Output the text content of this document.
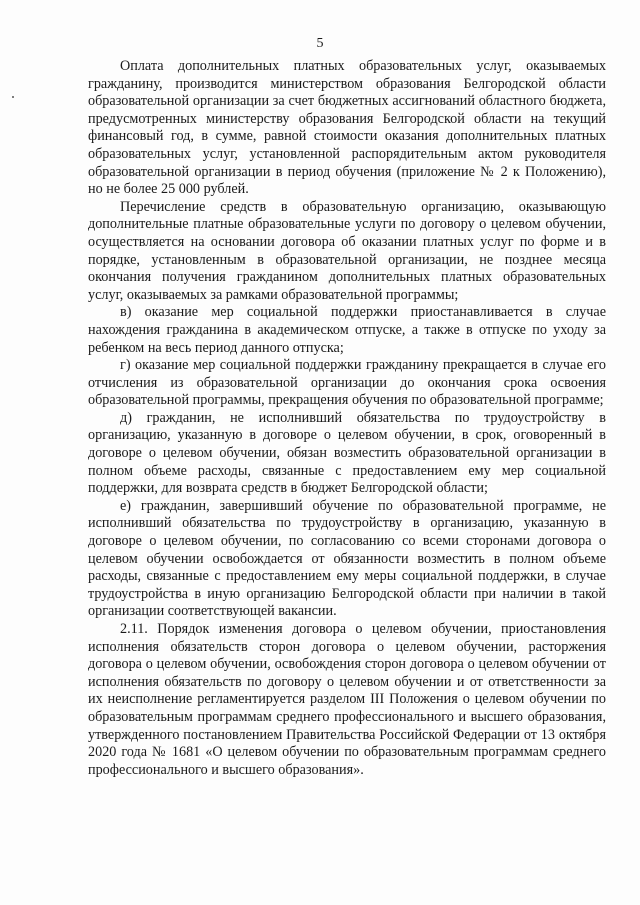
5

Оплата дополнительных платных образовательных услуг, оказываемых гражданину, производится министерством образования Белгородской области образовательной организации за счет бюджетных ассигнований областного бюджета, предусмотренных министерству образования Белгородской области на текущий финансовый год, в сумме, равной стоимости оказания дополнительных платных образовательных услуг, установленной распорядительным актом руководителя образовательной организации в период обучения (приложение № 2 к Положению), но не более 25 000 рублей.

Перечисление средств в образовательную организацию, оказывающую дополнительные платные образовательные услуги по договору о целевом обучении, осуществляется на основании договора об оказании платных услуг по форме и в порядке, установленным в образовательной организации, не позднее месяца окончания получения гражданином дополнительных платных образовательных услуг, оказываемых за рамками образовательной программы;

в) оказание мер социальной поддержки приостанавливается в случае нахождения гражданина в академическом отпуске, а также в отпуске по уходу за ребенком на весь период данного отпуска;

г) оказание мер социальной поддержки гражданину прекращается в случае его отчисления из образовательной организации до окончания срока освоения образовательной программы, прекращения обучения по образовательной программе;

д) гражданин, не исполнивший обязательства по трудоустройству в организацию, указанную в договоре о целевом обучении, в срок, оговоренный в договоре о целевом обучении, обязан возместить образовательной организации в полном объеме расходы, связанные с предоставлением ему мер социальной поддержки, для возврата средств в бюджет Белгородской области;

е) гражданин, завершивший обучение по образовательной программе, не исполнивший обязательства по трудоустройству в организацию, указанную в договоре о целевом обучении, по согласованию со всеми сторонами договора о целевом обучении освобождается от обязанности возместить в полном объеме расходы, связанные с предоставлением ему меры социальной поддержки, в случае трудоустройства в иную организацию Белгородской области при наличии в такой организации соответствующей вакансии.

2.11. Порядок изменения договора о целевом обучении, приостановления исполнения обязательств сторон договора о целевом обучении, расторжения договора о целевом обучении, освобождения сторон договора о целевом обучении от исполнения обязательств по договору о целевом обучении и от ответственности за их неисполнение регламентируется разделом III Положения о целевом обучении по образовательным программам среднего профессионального и высшего образования, утвержденного постановлением Правительства Российской Федерации от 13 октября 2020 года № 1681 «О целевом обучении по образовательным программам среднего профессионального и высшего образования».
